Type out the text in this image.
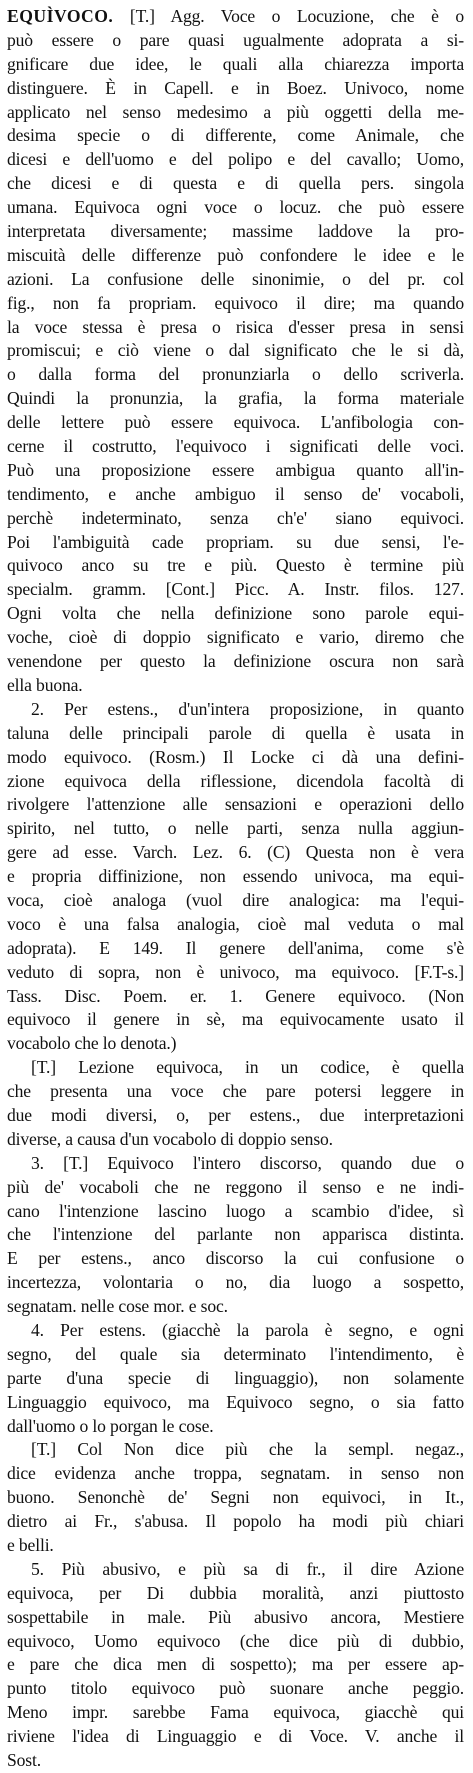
EQUÌVOCO. [T.] Agg. Voce o Locuzione, che è o
può essere o pare quasi ugualmente adoprata a si-
gnificare due idee, le quali alla chiarezza importa
distinguere. È in Capell. e in Boez. Univoco, nome
applicato nel senso medesimo a più oggetti della me-
desima specie o di differente, come Animale, che
dicesi e dell'uomo e del polipo e del cavallo; Uomo,
che dicesi e di questa e di quella pers. singola
umana. Equivoca ogni voce o locuz. che può essere
interpretata diversamente; massime laddove la pro-
miscuità delle differenze può confondere le idee e le
azioni. La confusione delle sinonimie, o del pr. col
fig., non fa propriam. equivoco il dire; ma quando
la voce stessa è presa o risica d'esser presa in sensi
promiscui; e ciò viene o dal significato che le si dà,
o dalla forma del pronunziarla o dello scriverla.
Quindi la pronunzia, la grafia, la forma materiale
delle lettere può essere equivoca. L'anfibologia con-
cerne il costrutto, l'equivoco i significati delle voci.
Può una proposizione essere ambigua quanto all'in-
tendimento, e anche ambiguo il senso de' vocaboli,
perchè indeterminato, senza ch'e' siano equivoci.
Poi l'ambiguità cade propriam. su due sensi, l'e-
quivoco anco su tre e più. Questo è termine più
specialm. gramm. [Cont.] Picc. A. Instr. filos. 127.
Ogni volta che nella definizione sono parole equi-
voche, cioè di doppio significato e vario, diremo che
venendone per questo la definizione oscura non sarà
ella buona.
2. Per estens., d'un'intera proposizione, in quanto
taluna delle principali parole di quella è usata in
modo equivoco. (Rosm.) Il Locke ci dà una defini-
zione equivoca della riflessione, dicendola facoltà di
rivolgere l'attenzione alle sensazioni e operazioni dello
spirito, nel tutto, o nelle parti, senza nulla aggiun-
gere ad esse. Varch. Lez. 6. (C) Questa non è vera
e propria diffinizione, non essendo univoca, ma equi-
voca, cioè analoga (vuol dire analogica: ma l'equi-
voco è una falsa analogia, cioè mal veduta o mal
adoprata). E 149. Il genere dell'anima, come s'è
veduto di sopra, non è univoco, ma equivoco. [F.T-s.]
Tass. Disc. Poem. er. 1. Genere equivoco. (Non
equivoco il genere in sè, ma equivocamente usato il
vocabolo che lo denota.)
[T.] Lezione equivoca, in un codice, è quella
che presenta una voce che pare potersi leggere in
due modi diversi, o, per estens., due interpretazioni
diverse, a causa d'un vocabolo di doppio senso.
3. [T.] Equivoco l'intero discorso, quando due o
più de' vocaboli che ne reggono il senso e ne indi-
cano l'intenzione lascino luogo a scambio d'idee, sì
che l'intenzione del parlante non apparisca distinta.
E per estens., anco discorso la cui confusione o
incertezza, volontaria o no, dia luogo a sospetto,
segnatam. nelle cose mor. e soc.
4. Per estens. (giacchè la parola è segno, e ogni
segno, del quale sia determinato l'intendimento, è
parte d'una specie di linguaggio), non solamente
Linguaggio equivoco, ma Equivoco segno, o sia fatto
dall'uomo o lo porgan le cose.
[T.] Col Non dice più che la sempl. negaz.,
dice evidenza anche troppa, segnatam. in senso non
buono. Senonchè de' Segni non equivoci, in It.,
dietro ai Fr., s'abusa. Il popolo ha modi più chiari
e belli.
5. Più abusivo, e più sa di fr., il dire Azione
equivoca, per Di dubbia moralità, anzi piuttosto
sospettabile in male. Più abusivo ancora, Mestiere
equivoco, Uomo equivoco (che dice più di dubbio,
e pare che dica men di sospetto); ma per essere ap-
punto titolo equivoco può suonare anche peggio.
Meno impr. sarebbe Fama equivoca, giacchè qui
riviene l'idea di Linguaggio e di Voce. V. anche il
Sost.
